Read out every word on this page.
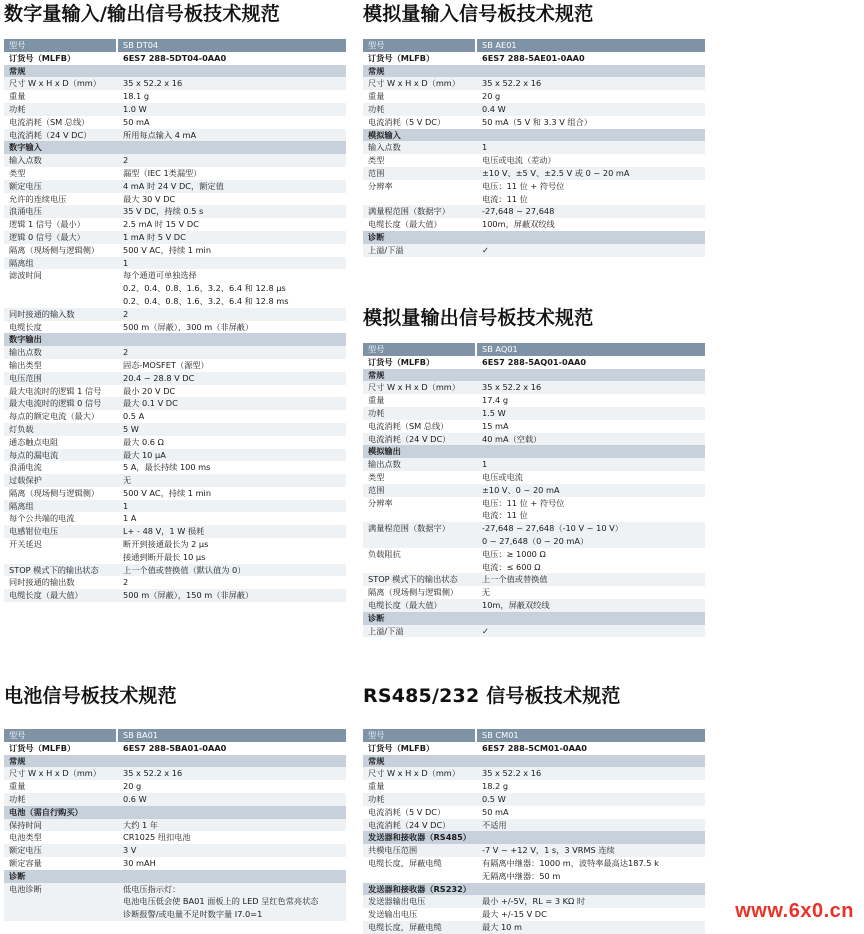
数字量输入/输出信号板技术规范
型号	SB DT04
订货号（MLFB）	6ES7 288-5DT04-0AA0
常规
尺寸 W x H x D（mm）	35 x 52.2 x 16
重量	18.1 g
功耗	1.0 W
电流消耗（SM 总线）	50 mA
电流消耗（24 V DC）	所用每点输入 4 mA
数字输入
输入点数	2
类型	漏型（IEC 1类漏型）
额定电压	4 mA 时 24 V DC，额定值
允许的连续电压	最大 30 V DC
浪涌电压	35 V DC，持续 0.5 s
逻辑 1 信号（最小）	2.5 mA 时 15 V DC
逻辑 0 信号（最大）	1 mA 时 5 V DC
隔离（现场侧与逻辑侧）	500 V AC，持续 1 min
隔离组	1
滤波时间	每个通道可单独选择
0.2、0.4、0.8、1.6、3.2、6.4 和 12.8 μs
0.2、0.4、0.8、1.6、3.2、6.4 和 12.8 ms
同时接通的输入数	2
电缆长度	500 m（屏蔽），300 m（非屏蔽）
数字输出
输出点数	2
输出类型	固态-MOSFET（源型）
电压范围	20.4 ~ 28.8 V DC
最大电流时的逻辑 1 信号	最小 20 V DC
最大电流时的逻辑 0 信号	最大 0.1 V DC
每点的额定电流（最大）	0.5 A
灯负载	5 W
通态触点电阻	最大 0.6 Ω
每点的漏电流	最大 10 μA
浪涌电流	5 A，最长持续 100 ms
过载保护	无
隔离（现场侧与逻辑侧）	500 V AC，持续 1 min
隔离组	1
每个公共端的电流	1 A
电感钳位电压	L+ - 48 V，1 W 损耗
开关延迟	断开到接通最长为 2 μs
接通到断开最长 10 μs
STOP 模式下的输出状态	上一个值或替换值（默认值为 0）
同时接通的输出数	2
电缆长度（最大值）	500 m（屏蔽），150 m（非屏蔽）
模拟量输入信号板技术规范
型号	SB AE01
订货号（MLFB）	6ES7 288-5AE01-0AA0
常规
尺寸 W x H x D（mm）	35 x 52.2 x 16
重量	20 g
功耗	0.4 W
电流消耗（5 V DC）	50 mA（5 V 和 3.3 V 组合）
模拟输入
输入点数	1
类型	电压或电流（差动）
范围	±10 V、±5 V、±2.5 V 或 0 ~ 20 mA
分辨率	电压：11 位 + 符号位
电流：11 位
满量程范围（数据字）	-27,648 ~ 27,648
电缆长度（最大值）	100m，屏蔽双绞线
诊断
上溢/下溢	✓
模拟量输出信号板技术规范
型号	SB AQ01
订货号（MLFB）	6ES7 288-5AQ01-0AA0
常规
尺寸 W x H x D（mm）	35 x 52.2 x 16
重量	17.4 g
功耗	1.5 W
电流消耗（SM 总线）	15 mA
电流消耗（24 V DC）	40 mA（空载）
模拟输出
输出点数	1
类型	电压或电流
范围	±10 V、0 ~ 20 mA
分辨率	电压：11 位 + 符号位
电流：11 位
满量程范围（数据字）	-27,648 ~ 27,648（-10 V ~ 10 V）
0 ~ 27,648（0 ~ 20 mA）
负载阻抗	电压：≥ 1000 Ω
电流：≤ 600 Ω
STOP 模式下的输出状态	上一个值或替换值
隔离（现场侧与逻辑侧）	无
电缆长度（最大值）	10m，屏蔽双绞线
诊断
上溢/下溢	✓
电池信号板技术规范
型号	SB BA01
订货号（MLFB）	6ES7 288-5BA01-0AA0
常规
尺寸 W x H x D（mm）	35 x 52.2 x 16
重量	20 g
功耗	0.6 W
电池（需自行购买）
保持时间	大约 1 年
电池类型	CR1025 纽扣电池
额定电压	3 V
额定容量	30 mAH
诊断
电池诊断	低电压指示灯：
电池电压低会使 BA01 面板上的 LED 呈红色常亮状态
诊断报警/或电量不足时数字量 I7.0=1
RS485/232 信号板技术规范
型号	SB CM01
订货号（MLFB）	6ES7 288-5CM01-0AA0
常规
尺寸 W x H x D（mm）	35 x 52.2 x 16
重量	18.2 g
功耗	0.5 W
电流消耗（5 V DC）	50 mA
电流消耗（24 V DC）	不适用
发送器和接收器（RS485）
共模电压范围	-7 V ~ +12 V，1 s，3 VRMS 连续
电缆长度，屏蔽电缆	有隔离中继器：1000 m，波特率最高达187.5 k
无隔离中继器：50 m
发送器和接收器（RS232）
发送器输出电压	最小 +/-5V，RL = 3 KΩ 时
发送输出电压	最大 +/-15 V DC
电缆长度，屏蔽电缆	最大 10 m
www.6x0.cn
